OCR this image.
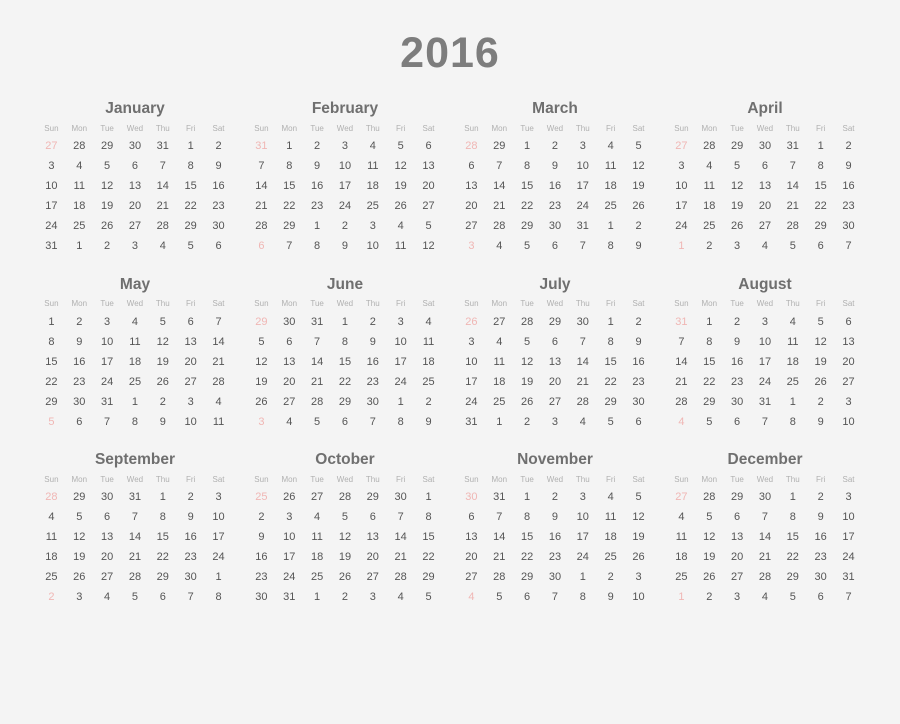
2016
January
Sun	Mon	Tue	Wed	Thu	Fri	Sat
27	28	29	30	31	1	2
3	4	5	6	7	8	9
10	11	12	13	14	15	16
17	18	19	20	21	22	23
24	25	26	27	28	29	30
31	1	2	3	4	5	6
February
Sun	Mon	Tue	Wed	Thu	Fri	Sat
31	1	2	3	4	5	6
7	8	9	10	11	12	13
14	15	16	17	18	19	20
21	22	23	24	25	26	27
28	29	1	2	3	4	5
6	7	8	9	10	11	12
March
Sun	Mon	Tue	Wed	Thu	Fri	Sat
28	29	1	2	3	4	5
6	7	8	9	10	11	12
13	14	15	16	17	18	19
20	21	22	23	24	25	26
27	28	29	30	31	1	2
3	4	5	6	7	8	9
April
Sun	Mon	Tue	Wed	Thu	Fri	Sat
27	28	29	30	31	1	2
3	4	5	6	7	8	9
10	11	12	13	14	15	16
17	18	19	20	21	22	23
24	25	26	27	28	29	30
1	2	3	4	5	6	7
May
Sun	Mon	Tue	Wed	Thu	Fri	Sat
1	2	3	4	5	6	7
8	9	10	11	12	13	14
15	16	17	18	19	20	21
22	23	24	25	26	27	28
29	30	31	1	2	3	4
5	6	7	8	9	10	11
June
Sun	Mon	Tue	Wed	Thu	Fri	Sat
29	30	31	1	2	3	4
5	6	7	8	9	10	11
12	13	14	15	16	17	18
19	20	21	22	23	24	25
26	27	28	29	30	1	2
3	4	5	6	7	8	9
July
Sun	Mon	Tue	Wed	Thu	Fri	Sat
26	27	28	29	30	1	2
3	4	5	6	7	8	9
10	11	12	13	14	15	16
17	18	19	20	21	22	23
24	25	26	27	28	29	30
31	1	2	3	4	5	6
August
Sun	Mon	Tue	Wed	Thu	Fri	Sat
31	1	2	3	4	5	6
7	8	9	10	11	12	13
14	15	16	17	18	19	20
21	22	23	24	25	26	27
28	29	30	31	1	2	3
4	5	6	7	8	9	10
September
Sun	Mon	Tue	Wed	Thu	Fri	Sat
28	29	30	31	1	2	3
4	5	6	7	8	9	10
11	12	13	14	15	16	17
18	19	20	21	22	23	24
25	26	27	28	29	30	1
2	3	4	5	6	7	8
October
Sun	Mon	Tue	Wed	Thu	Fri	Sat
25	26	27	28	29	30	1
2	3	4	5	6	7	8
9	10	11	12	13	14	15
16	17	18	19	20	21	22
23	24	25	26	27	28	29
30	31	1	2	3	4	5
November
Sun	Mon	Tue	Wed	Thu	Fri	Sat
30	31	1	2	3	4	5
6	7	8	9	10	11	12
13	14	15	16	17	18	19
20	21	22	23	24	25	26
27	28	29	30	1	2	3
4	5	6	7	8	9	10
December
Sun	Mon	Tue	Wed	Thu	Fri	Sat
27	28	29	30	1	2	3
4	5	6	7	8	9	10
11	12	13	14	15	16	17
18	19	20	21	22	23	24
25	26	27	28	29	30	31
1	2	3	4	5	6	7
